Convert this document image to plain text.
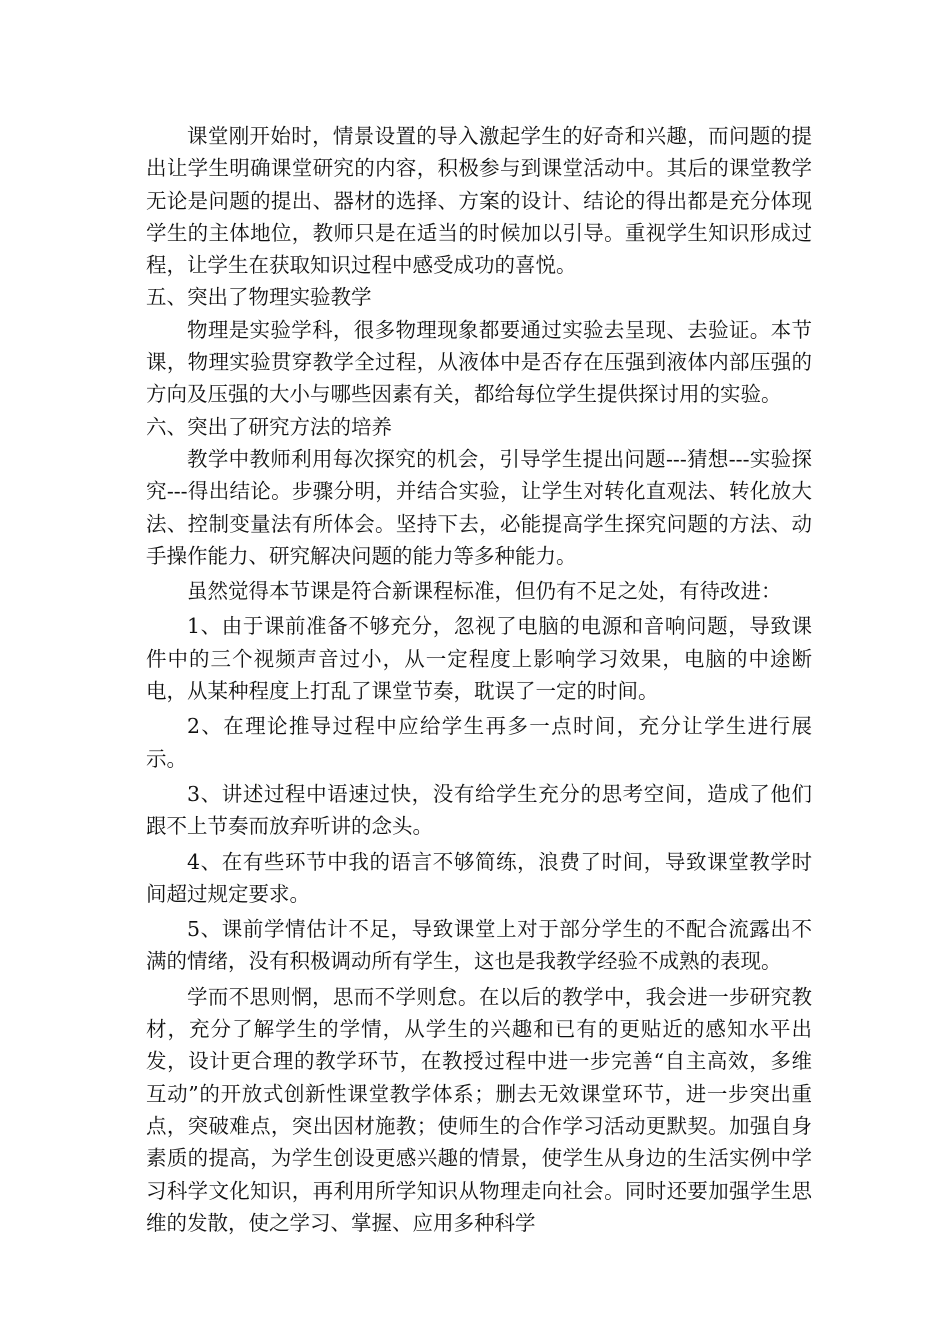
课堂刚开始时，情景设置的导入激起学生的好奇和兴趣，而问题的提出让学生明确课堂研究的内容，积极参与到课堂活动中。其后的课堂教学无论是问题的提出、器材的选择、方案的设计、结论的得出都是充分体现学生的主体地位，教师只是在适当的时候加以引导。重视学生知识形成过程，让学生在获取知识过程中感受成功的喜悦。

五、突出了物理实验教学

物理是实验学科，很多物理现象都要通过实验去呈现、去验证。本节课，物理实验贯穿教学全过程，从液体中是否存在压强到液体内部压强的方向及压强的大小与哪些因素有关，都给每位学生提供探讨用的实验。

六、突出了研究方法的培养

教学中教师利用每次探究的机会，引导学生提出问题---猜想---实验探究---得出结论。步骤分明，并结合实验，让学生对转化直观法、转化放大法、控制变量法有所体会。坚持下去，必能提高学生探究问题的方法、动手操作能力、研究解决问题的能力等多种能力。

虽然觉得本节课是符合新课程标准，但仍有不足之处，有待改进：

1、由于课前准备不够充分，忽视了电脑的电源和音响问题，导致课件中的三个视频声音过小，从一定程度上影响学习效果，电脑的中途断电，从某种程度上打乱了课堂节奏，耽误了一定的时间。

2、在理论推导过程中应给学生再多一点时间，充分让学生进行展示。

3、讲述过程中语速过快，没有给学生充分的思考空间，造成了他们跟不上节奏而放弃听讲的念头。

4、在有些环节中我的语言不够简练，浪费了时间，导致课堂教学时间超过规定要求。

5、课前学情估计不足，导致课堂上对于部分学生的不配合流露出不满的情绪，没有积极调动所有学生，这也是我教学经验不成熟的表现。

学而不思则惘，思而不学则怠。在以后的教学中，我会进一步研究教材，充分了解学生的学情，从学生的兴趣和已有的更贴近的感知水平出发，设计更合理的教学环节，在教授过程中进一步完善“自主高效，多维互动”的开放式创新性课堂教学体系；删去无效课堂环节，进一步突出重点，突破难点，突出因材施教；使师生的合作学习活动更默契。加强自身素质的提高，为学生创设更感兴趣的情景，使学生从身边的生活实例中学习科学文化知识，再利用所学知识从物理走向社会。同时还要加强学生思维的发散，使之学习、掌握、应用多种科学
